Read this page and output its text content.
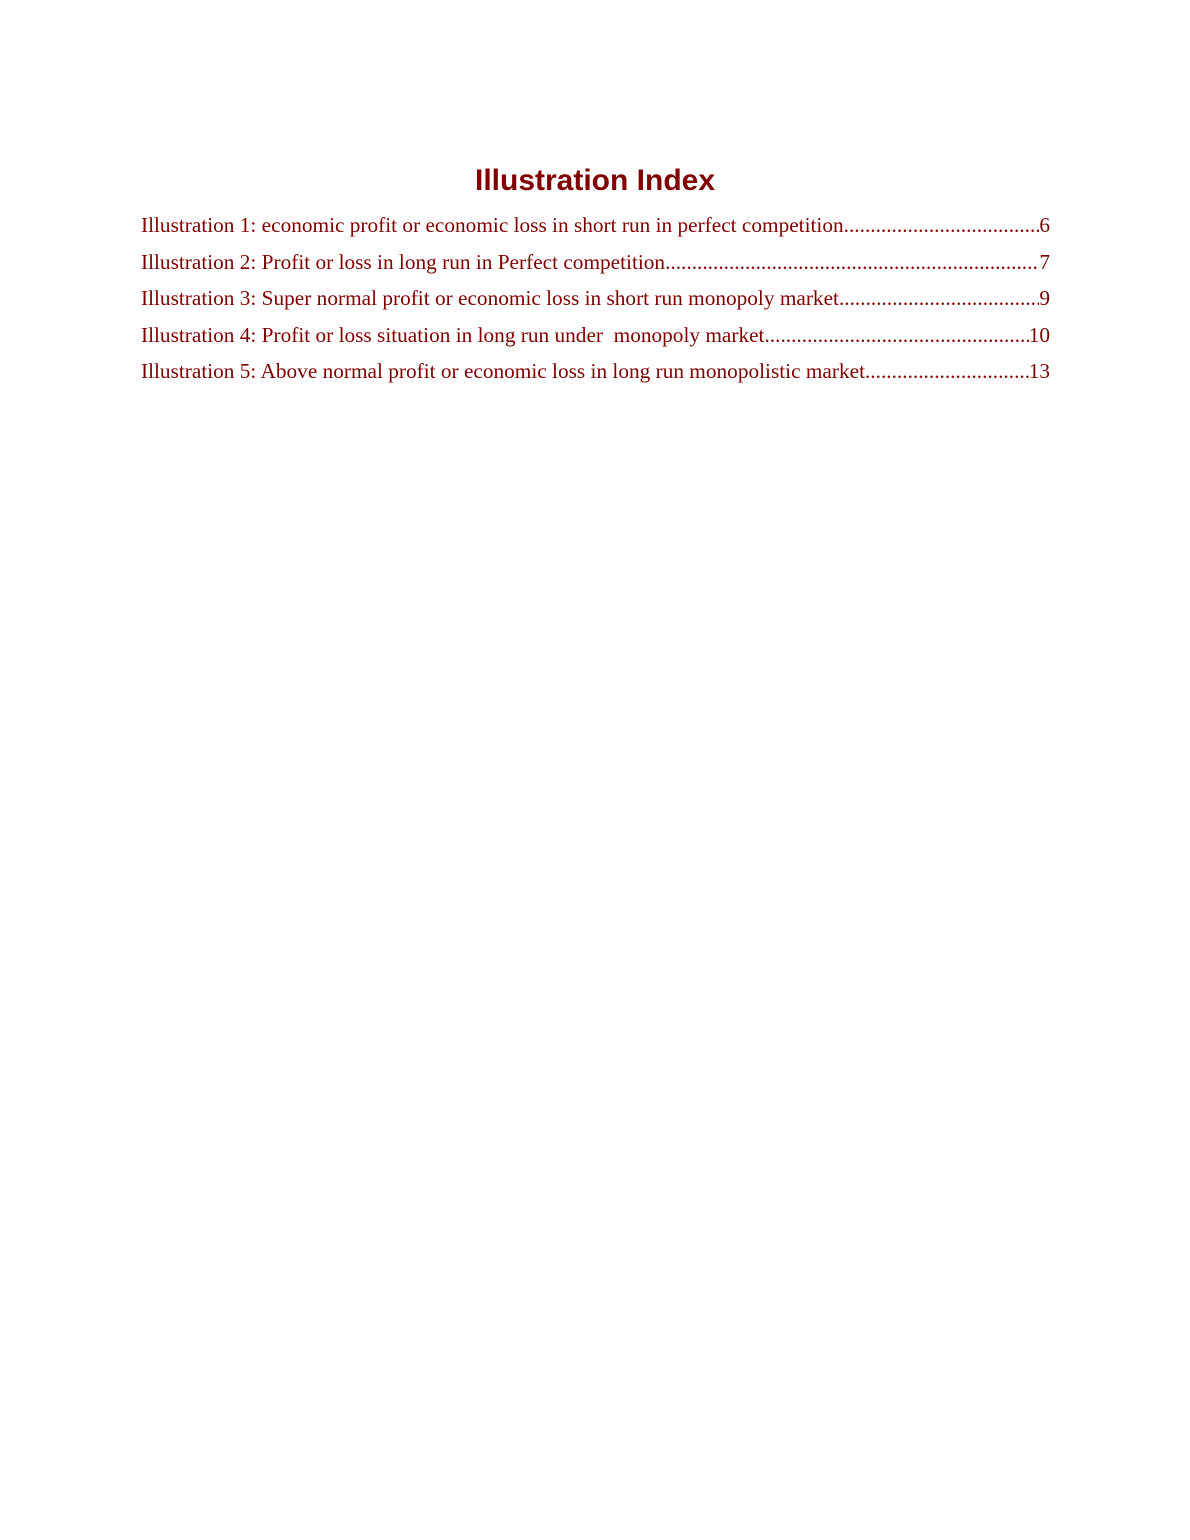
Illustration Index
Illustration 1: economic profit or economic loss in short run in perfect competition .....	6
Illustration 2: Profit or loss in long run in Perfect competition .....	7
Illustration 3: Super normal profit or economic loss in short run monopoly market .....	9
Illustration 4: Profit or loss situation in long run under  monopoly market .....	10
Illustration 5: Above normal profit or economic loss in long run monopolistic market .....	13
